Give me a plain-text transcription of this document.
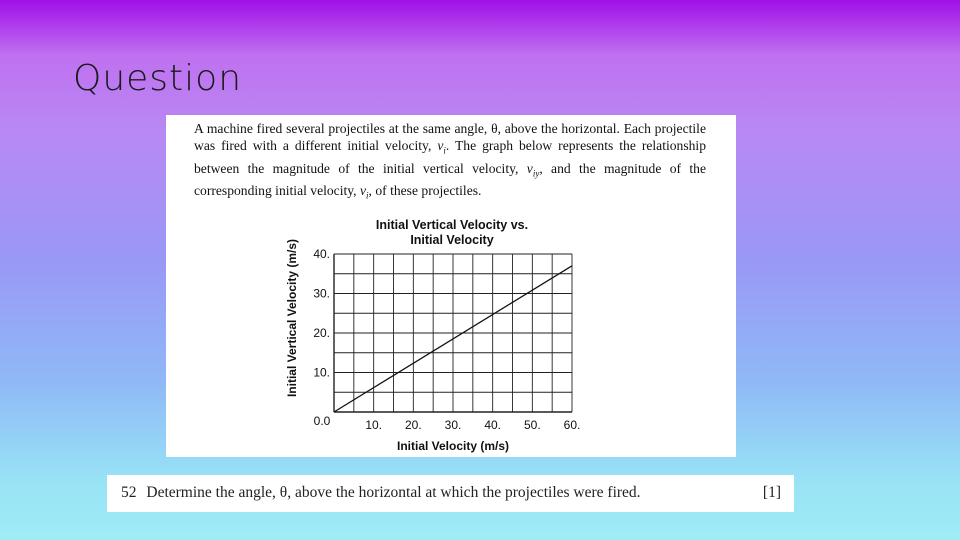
Question
A machine fired several projectiles at the same angle, θ, above the horizontal. Each projectile was fired with a different initial velocity, $v_i$. The graph below represents the relationship between the magnitude of the initial vertical velocity, $v_{iy}$, and the magnitude of the corresponding initial velocity, $v_i$, of these projectiles.
Initial Vertical Velocity vs.
Initial Velocity
10. 20. 30. 40. 50. 60.
10.
20.
30.
40.
0.0
Initial Velocity (m/s)
Initial Vertical Velocity (m/s)
52 Determine the angle, θ, above the horizontal at which the projectiles were fired.	[1]
